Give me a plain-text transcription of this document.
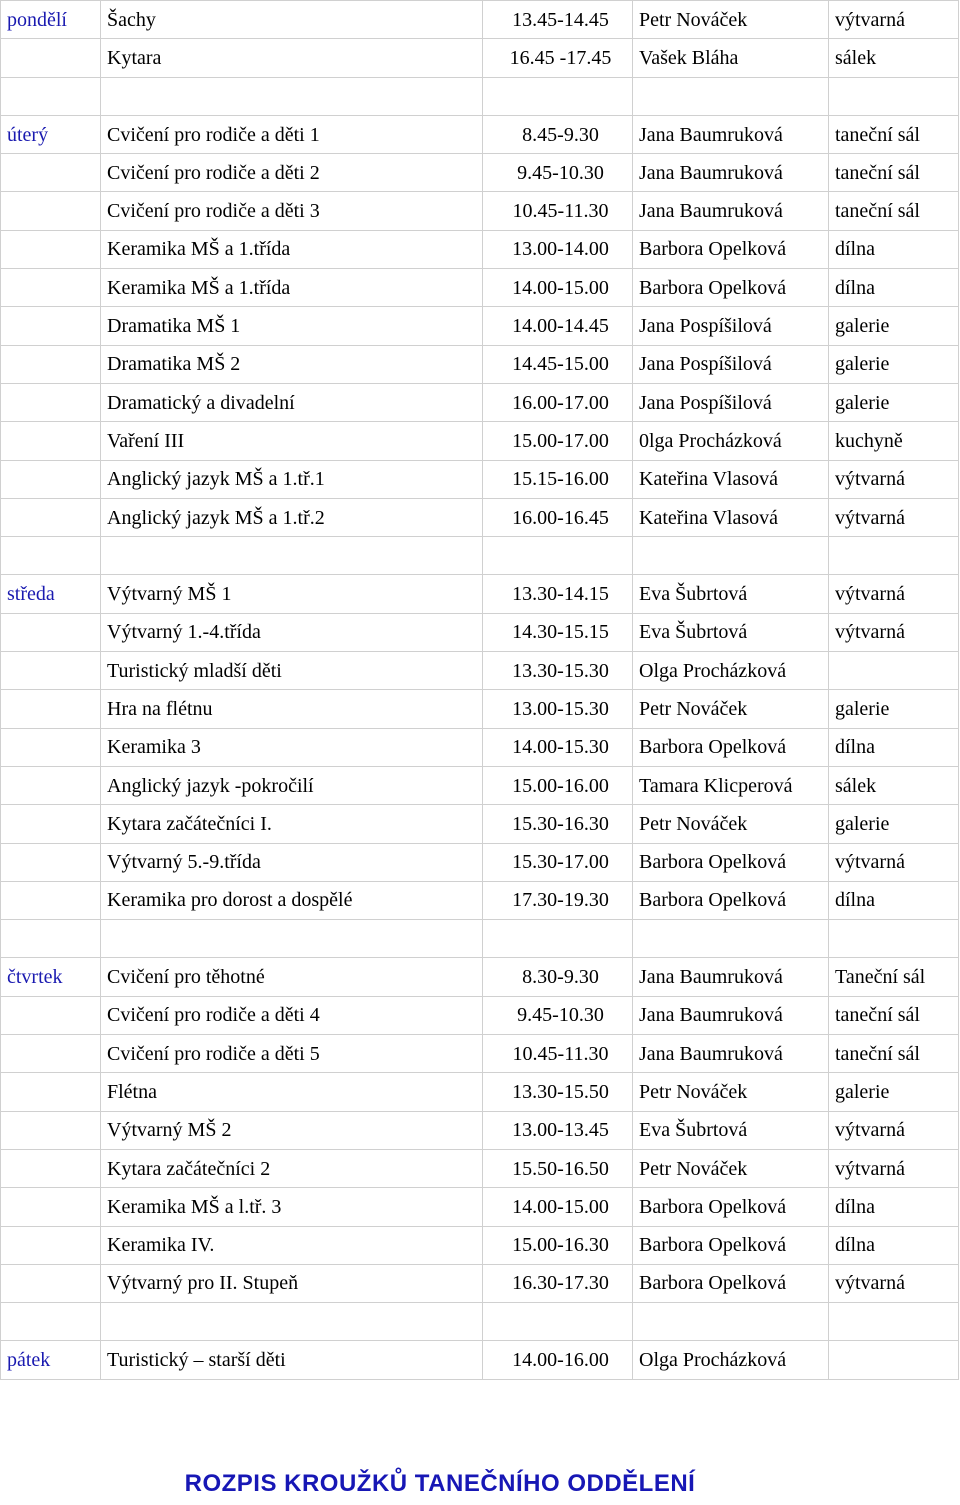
pondělí	Šachy	13.45-14.45	Petr Nováček	výtvarná
	Kytara	16.45 -17.45	Vašek Bláha	sálek

úterý	Cvičení pro rodiče a děti 1	8.45-9.30	Jana Baumruková	taneční sál
	Cvičení pro rodiče a děti 2	9.45-10.30	Jana Baumruková	taneční sál
	Cvičení pro rodiče a děti 3	10.45-11.30	Jana Baumruková	taneční sál
	Keramika MŠ a 1.třída	13.00-14.00	Barbora Opelková	dílna
	Keramika MŠ a 1.třída	14.00-15.00	Barbora Opelková	dílna
	Dramatika MŠ 1	14.00-14.45	Jana Pospíšilová	galerie
	Dramatika MŠ 2	14.45-15.00	Jana Pospíšilová	galerie
	Dramatický a divadelní	16.00-17.00	Jana Pospíšilová	galerie
	Vaření III	15.00-17.00	0lga Procházková	kuchyně
	Anglický jazyk MŠ a 1.tř.1	15.15-16.00	Kateřina Vlasová	výtvarná
	Anglický jazyk MŠ a 1.tř.2	16.00-16.45	Kateřina Vlasová	výtvarná

středa	Výtvarný MŠ 1	13.30-14.15	Eva Šubrtová	výtvarná
	Výtvarný 1.-4.třída	14.30-15.15	Eva Šubrtová	výtvarná
	Turistický mladší děti	13.30-15.30	Olga Procházková	
	Hra na flétnu	13.00-15.30	Petr Nováček	galerie
	Keramika 3	14.00-15.30	Barbora Opelková	dílna
	Anglický jazyk -pokročilí	15.00-16.00	Tamara Klicperová	sálek
	Kytara začátečníci I.	15.30-16.30	Petr Nováček	galerie
	Výtvarný 5.-9.třída	15.30-17.00	Barbora Opelková	výtvarná
	Keramika pro dorost a dospělé	17.30-19.30	Barbora Opelková	dílna

čtvrtek	Cvičení pro těhotné	8.30-9.30	Jana Baumruková	Taneční sál
	Cvičení pro rodiče a děti 4	9.45-10.30	Jana Baumruková	taneční sál
	Cvičení pro rodiče a děti 5	10.45-11.30	Jana Baumruková	taneční sál
	Flétna	13.30-15.50	Petr Nováček	galerie
	Výtvarný MŠ 2	13.00-13.45	Eva Šubrtová	výtvarná
	Kytara začátečníci 2	15.50-16.50	Petr Nováček	výtvarná
	Keramika MŠ a l.tř. 3	14.00-15.00	Barbora Opelková	dílna
	Keramika IV.	15.00-16.30	Barbora Opelková	dílna
	Výtvarný pro II. Stupeň	16.30-17.30	Barbora Opelková	výtvarná

pátek	Turistický – starší děti	14.00-16.00	Olga Procházková	
ROZPIS KROUŽKŮ TANEČNÍHO ODDĚLENÍ
